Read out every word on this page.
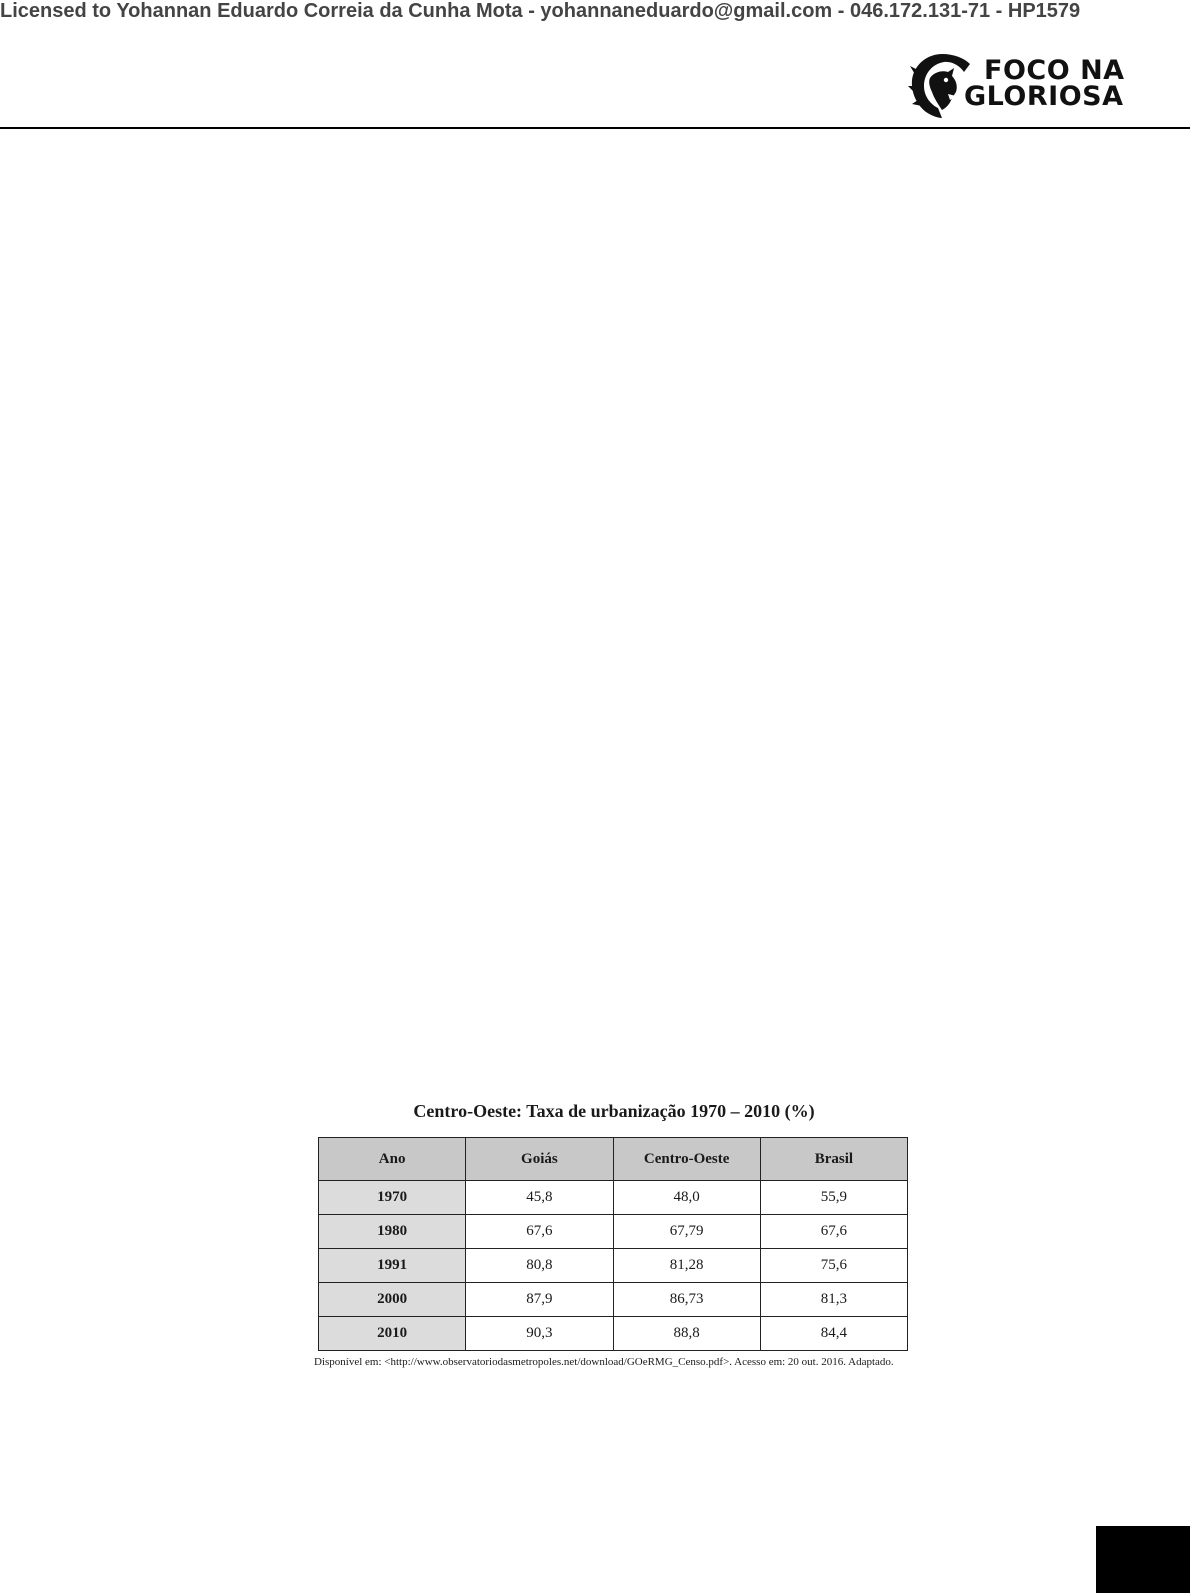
Licensed to Yohannan Eduardo Correia da Cunha Mota - yohannaneduardo@gmail.com - 046.172.131-71 - HP1579
FOCO NA
GLORIOSA
Centro-Oeste: Taxa de urbanização 1970 – 2010 (%)
Ano	Goiás	Centro-Oeste	Brasil
1970	45,8	48,0	55,9
1980	67,6	67,79	67,6
1991	80,8	81,28	75,6
2000	87,9	86,73	81,3
2010	90,3	88,8	84,4
Disponível em: <http://www.observatoriodasmetropoles.net/download/GOeRMG_Censo.pdf>. Acesso em: 20 out. 2016. Adaptado.
